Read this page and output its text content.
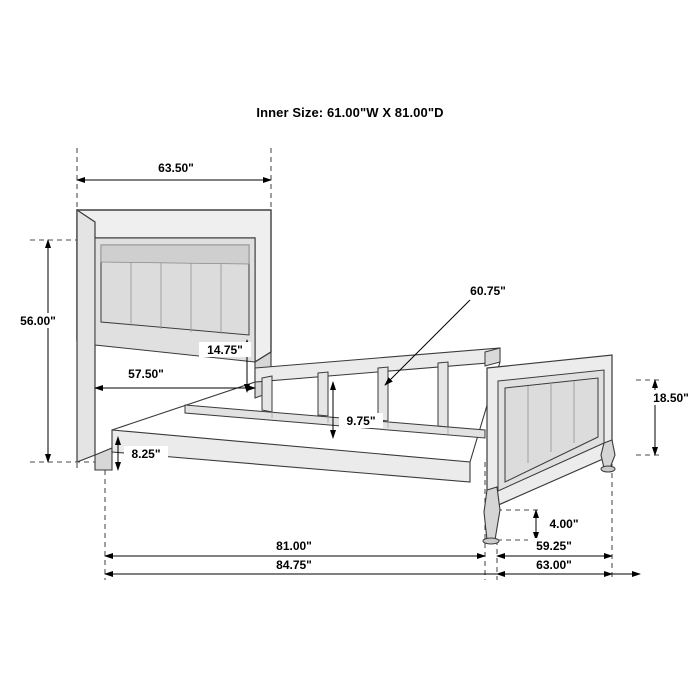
Inner Size: 61.00"W X 81.00"D
63.50"
56.00"
57.50"
14.75"
8.25"
60.75"
9.75"
18.50"
4.00"
81.00"
84.75"
59.25"
63.00"
